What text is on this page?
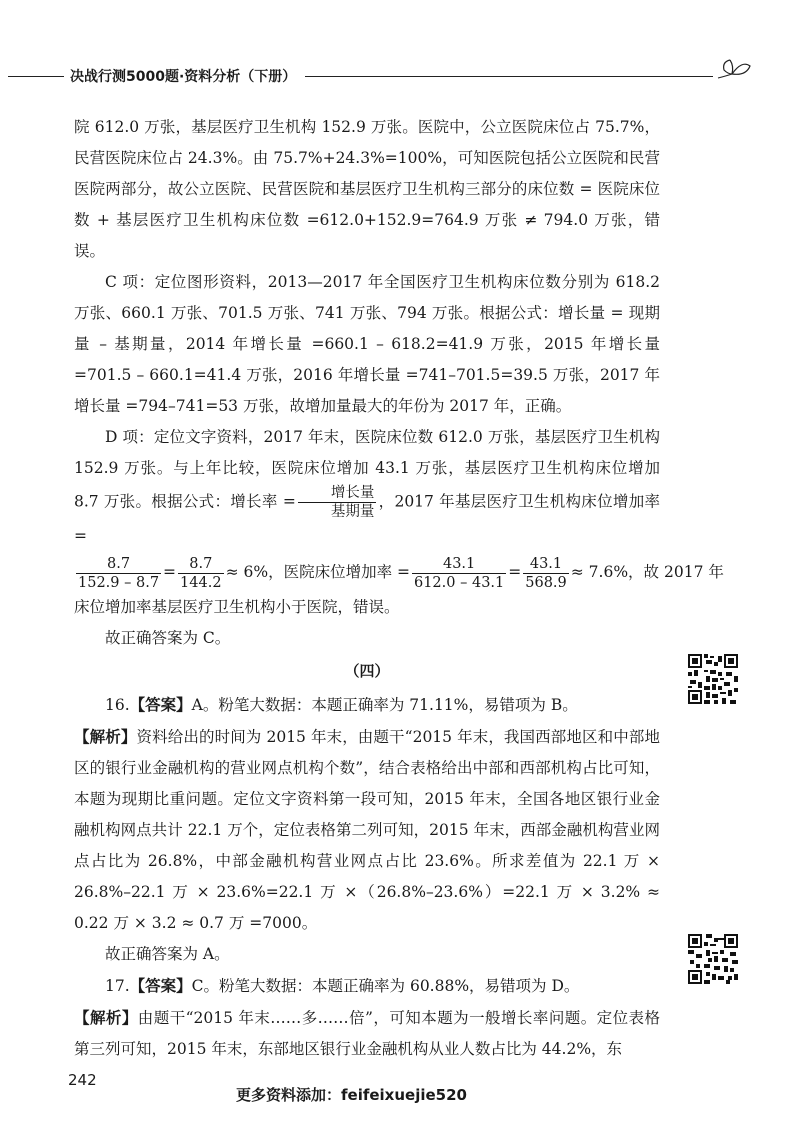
决战行测5000题·资料分析（下册）

院 612.0 万张，基层医疗卫生机构 152.9 万张。医院中，公立医院床位占 75.7%，民营医院床位占 24.3%。由 75.7%+24.3%=100%，可知医院包括公立医院和民营医院两部分，故公立医院、民营医院和基层医疗卫生机构三部分的床位数 = 医院床位数 + 基层医疗卫生机构床位数 =612.0+152.9=764.9 万张 ≠ 794.0 万张，错误。

C 项：定位图形资料，2013—2017 年全国医疗卫生机构床位数分别为 618.2 万张、660.1 万张、701.5 万张、741 万张、794 万张。根据公式：增长量 = 现期量 – 基期量，2014 年增长量 =660.1 – 618.2=41.9 万张，2015 年增长量 =701.5 – 660.1=41.4 万张，2016 年增长量 =741–701.5=39.5 万张，2017 年增长量 =794–741=53 万张，故增加量最大的年份为 2017 年，正确。

D 项：定位文字资料，2017 年末，医院床位数 612.0 万张，基层医疗卫生机构 152.9 万张。与上年比较，医院床位增加 43.1 万张，基层医疗卫生机构床位增加 8.7 万张。根据公式：增长率 = $\frac{\text{增长量}}{\text{基期量}}$ ，2017 年基层医疗卫生机构床位增加率 =

$\frac{8.7}{152.9 - 8.7} = \frac{8.7}{144.2} \approx 6\%$，医院床位增加率 = $\frac{43.1}{612.0 - 43.1} = \frac{43.1}{568.9} \approx 7.6\%$，故 2017 年

床位增加率基层医疗卫生机构小于医院，错误。

故正确答案为 C。

（四）

16.【答案】A。粉笔大数据：本题正确率为 71.11%，易错项为 B。

【解析】资料给出的时间为 2015 年末，由题干“2015 年末，我国西部地区和中部地区的银行业金融机构的营业网点机构个数”，结合表格给出中部和西部机构占比可知，本题为现期比重问题。定位文字资料第一段可知，2015 年末，全国各地区银行业金融机构网点共计 22.1 万个，定位表格第二列可知，2015 年末，西部金融机构营业网点占比为 26.8%，中部金融机构营业网点占比 23.6%。所求差值为 22.1 万 × 26.8%–22.1 万 × 23.6%=22.1 万 ×（26.8%–23.6%）=22.1 万 × 3.2% ≈ 0.22 万 × 3.2 ≈ 0.7 万 =7000。

故正确答案为 A。

17.【答案】C。粉笔大数据：本题正确率为 60.88%，易错项为 D。

【解析】由题干“2015 年末……多……倍”，可知本题为一般增长率问题。定位表格第三列可知，2015 年末，东部地区银行业金融机构从业人数占比为 44.2%，东

242
更多资料添加：feifeixuejie520
